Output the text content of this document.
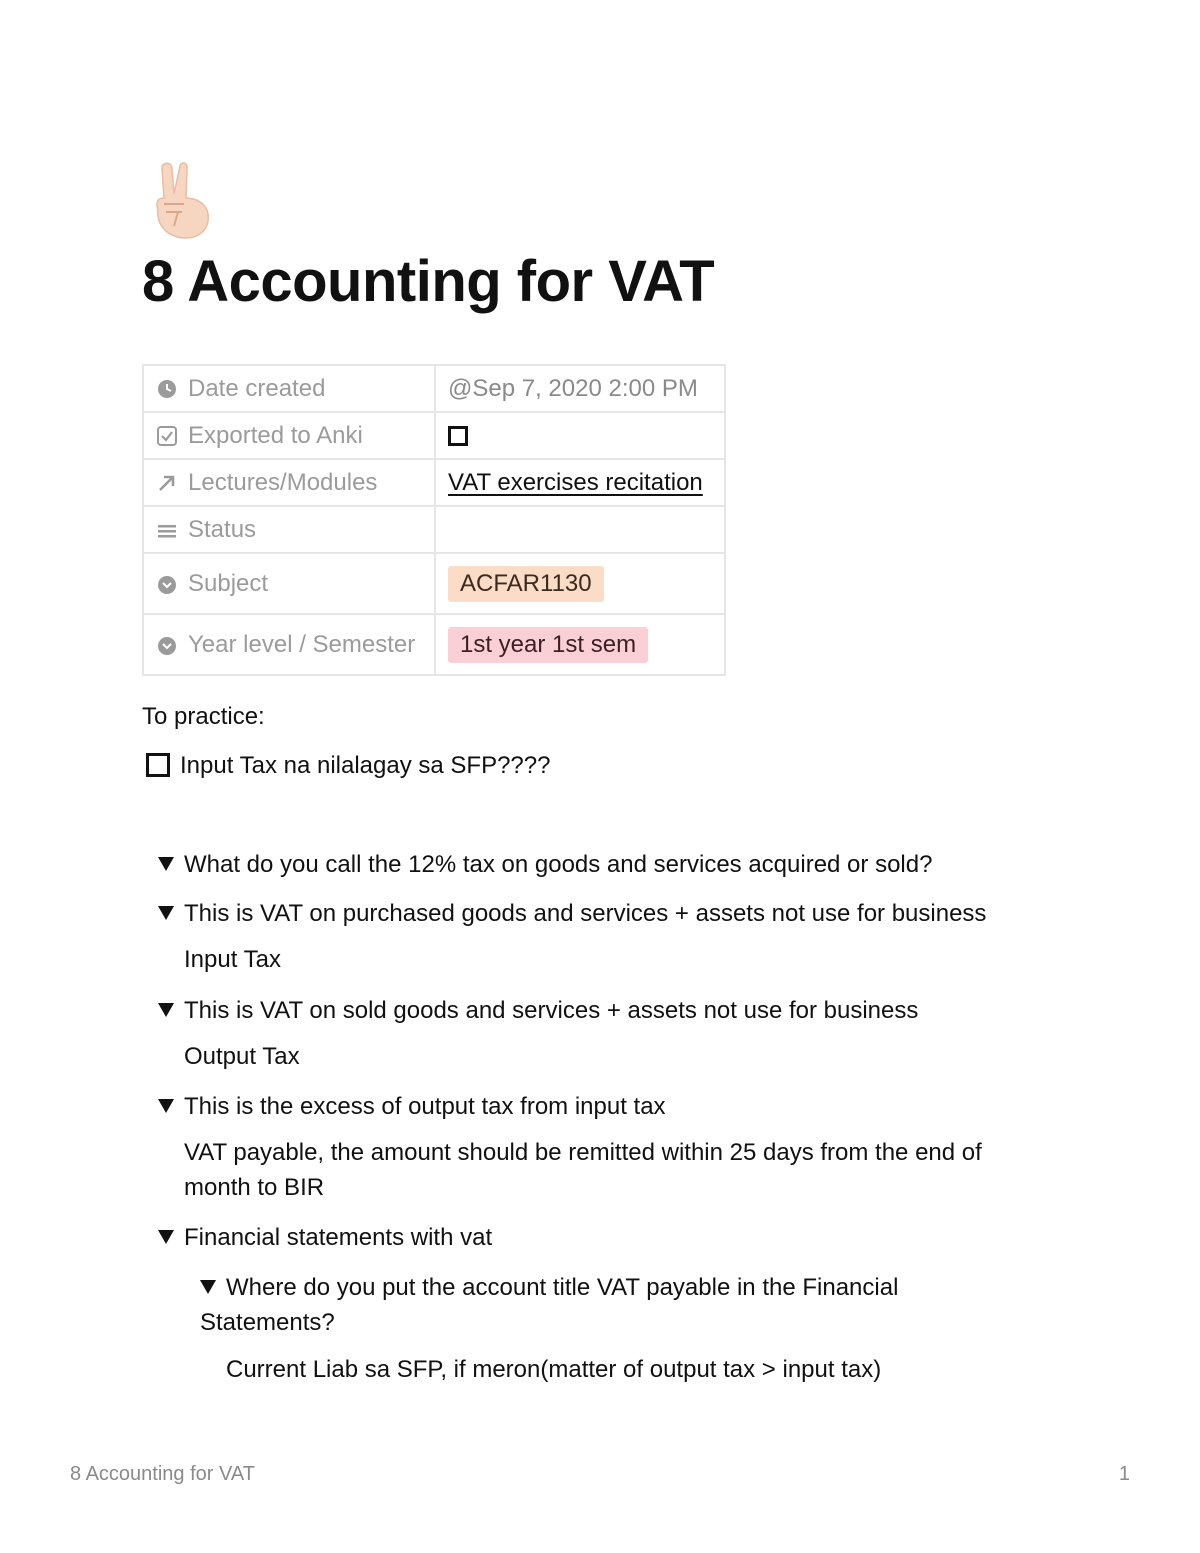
8 Accounting for VAT
Date created	@Sep 7, 2020 2:00 PM
Exported to Anki	
Lectures/Modules	VAT exercises recitation
Status	
Subject	ACFAR1130
Year level / Semester	1st year 1st sem
To practice:
Input Tax na nilalagay sa SFP????
What do you call the 12% tax on goods and services acquired or sold?
This is VAT on purchased goods and services + assets not use for business
Input Tax
This is VAT on sold goods and services + assets not use for business
Output Tax
This is the excess of output tax from input tax
VAT payable, the amount should be remitted within 25 days from the end of month to BIR
Financial statements with vat
Where do you put the account title VAT payable in the Financial Statements?
Current Liab sa SFP, if meron(matter of output tax > input tax)
8 Accounting for VAT	1
